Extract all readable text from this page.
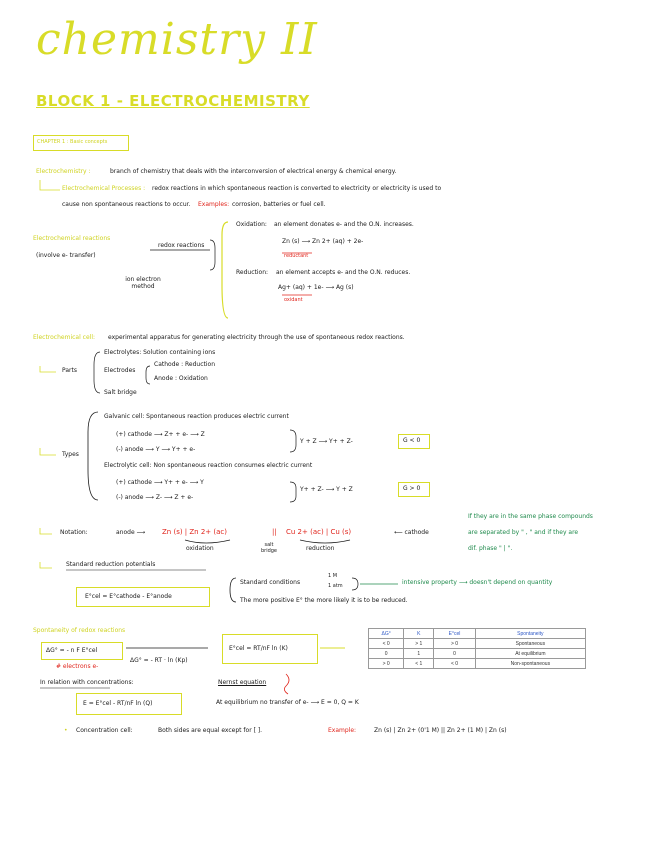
chemistry II
BLOCK 1 - ELECTROCHEMISTRY
CHAPTER 1 : Basic concepts
Electrochemistry :	branch of chemistry that deals with the interconversion of electrical energy & chemical energy.
Electrochemical Processes : redox reactions in which spontaneous reaction is converted to electricity or electricity is used to
cause non spontaneous reactions to occur. Examples: corrosion, batteries or fuel cell.
Electrochemical reactions
(involve e- transfer)
redox reactions
ion electron method
Oxidation: an element donates e- and the O.N. increases.
Zn (s) ⟶ Zn 2+ (aq) + 2e-
reductant
Reduction: an element accepts e- and the O.N. reduces.
Ag+ (aq) + 1e- ⟶ Ag (s)
oxidant
Electrochemical cell: experimental apparatus for generating electricity through the use of spontaneous redox reactions.
Electrolytes: Solution containing ions
Parts	Electrodes
Cathode : Reduction
Anode : Oxidation
Salt bridge
Types
Galvanic cell: Spontaneous reaction produces electric current
(+) cathode ⟶ Z+ + e- ⟶ Z
(-) anode ⟶ Y ⟶ Y+ + e-
Y + Z ⟶ Y+ + Z-	G < 0
Electrolytic cell: Non spontaneous reaction consumes electric current
(+) cathode ⟶ Y+ + e- ⟶ Y
(-) anode ⟶ Z- ⟶ Z + e-
Y+ + Z- ⟶ Y + Z	G > 0
Notation:	anode ⟶ Zn (s) | Zn 2+ (ac)	|| Cu 2+ (ac) | Cu (s)	⟵ cathode
oxidation	salt bridge	reduction
If they are in the same phase compounds
are separated by " , " and if they are
dif. phase " | ".
Standard reduction potentials
E°cel = E°cathode - E°anode
Standard conditions
1 M
1 atm	intensive property ⟶ doesn't depend on quantity
The more positive E° the more likely it is to be reduced.
Spontaneity of redox reactions
ΔG° = - n F E°cel
# electrons e-
ΔG° = - RT · ln (Kp)
E°cel = RT/nF ln (K)
ΔG°	K	E°cel	Spontaneity
< 0	> 1	> 0	Spontaneous
0	1	0	At equilibrium
> 0	< 1	< 0	Non-spontaneous
In relation with concentrations:	Nernst equation
E = E°cel - RT/nF ln (Q)	At equilibrium no transfer of e- ⟶ E = 0, Q = K
• Concentration cell:	Both sides are equal except for [ ].	Example:	Zn (s) | Zn 2+ (0'1 M) || Zn 2+ (1 M) | Zn (s)
